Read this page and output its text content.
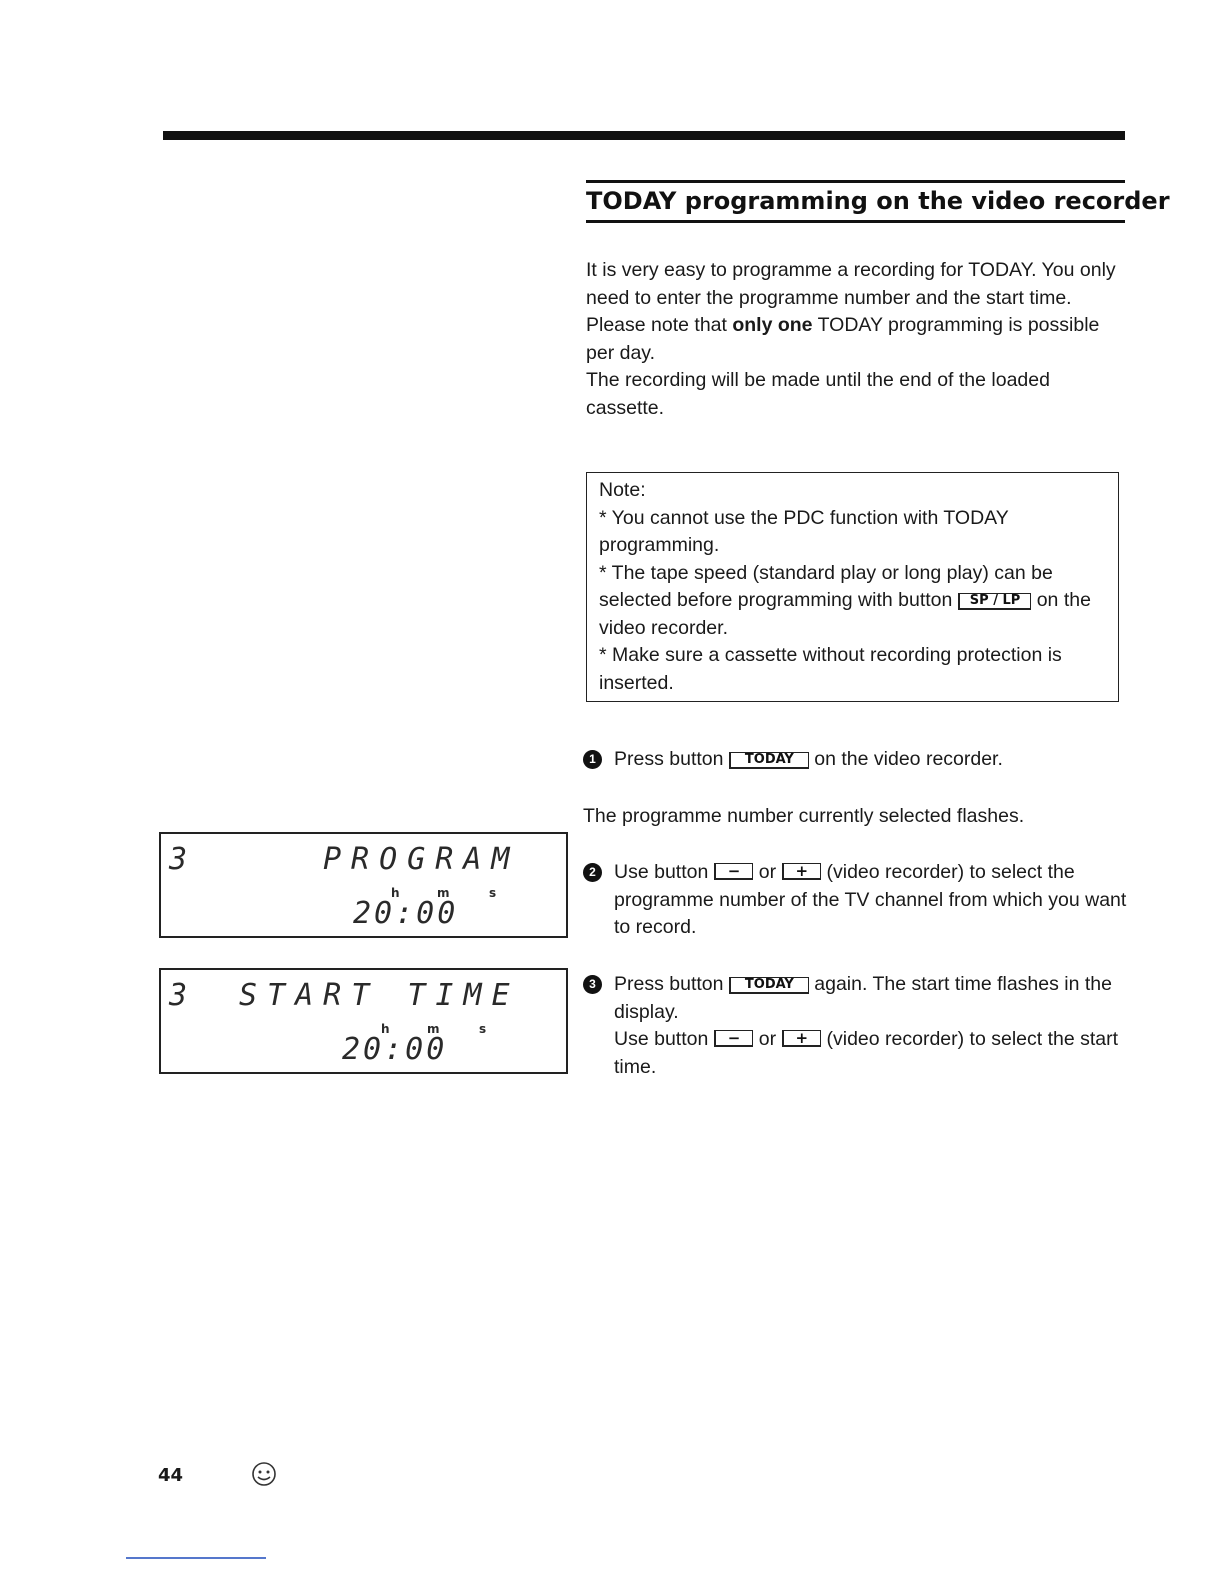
TODAY programming on the video recorder

It is very easy to programme a recording for TODAY. You only need to enter the programme number and the start time.

Please note that only one TODAY programming is possible per day.

The recording will be made until the end of the loaded cassette.

Note:

* You cannot use the PDC function with TODAY programming.

* The tape speed (standard play or long play) can be selected before programming with button SP / LP on the video recorder.

* Make sure a cassette without recording protection is inserted.

1 Press button TODAY on the video recorder.
The programme number currently selected flashes.
2 Use button − or + (video recorder) to select the programme number of the TV channel from which you want to record.
3 Press button TODAY again. The start time flashes in the display.
Use button − or + (video recorder) to select the start time.
3	PROGRAM
h	m	s
20:00
3 START TIME
h	m	s
20:00
44
